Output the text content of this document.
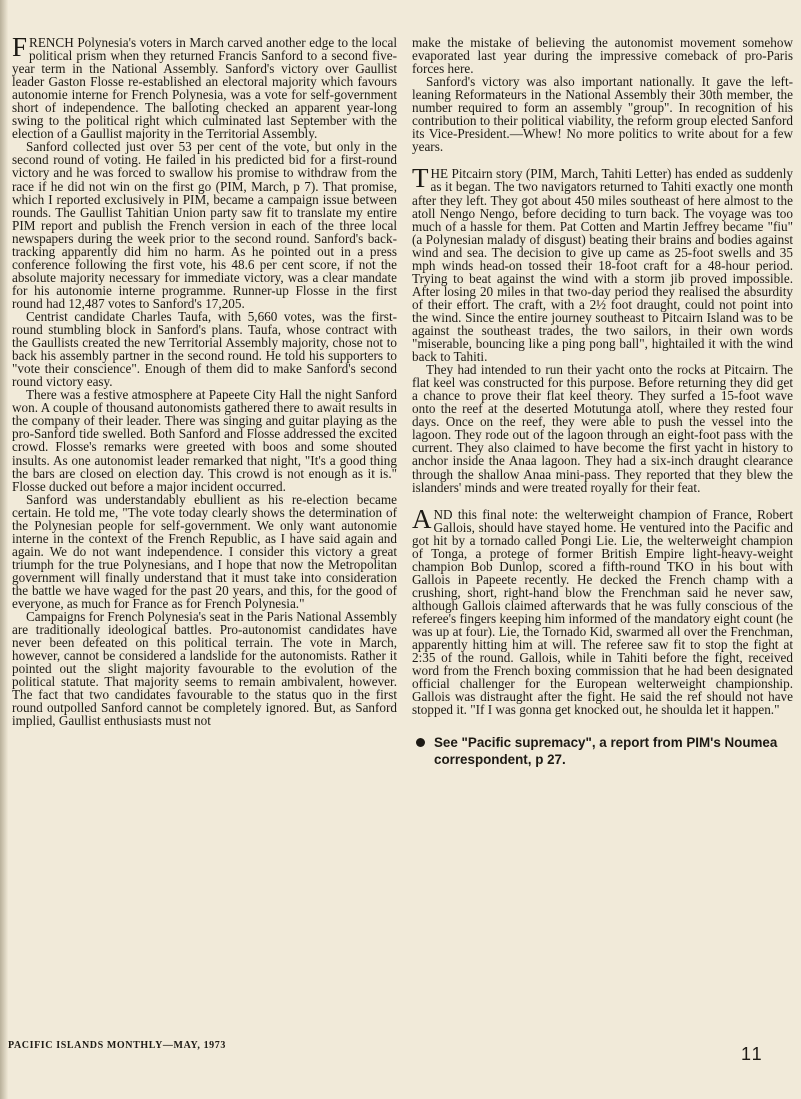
FRENCH Polynesia's voters in March carved another edge to the local political prism when they returned Francis Sanford to a second five-year term in the National Assembly. Sanford's victory over Gaullist leader Gaston Flosse re-established an electoral majority which favours autonomie interne for French Polynesia, was a vote for self-government short of independence. The balloting checked an apparent year-long swing to the political right which culminated last September with the election of a Gaullist majority in the Territorial Assembly.

Sanford collected just over 53 per cent of the vote, but only in the second round of voting. He failed in his predicted bid for a first-round victory and he was forced to swallow his promise to withdraw from the race if he did not win on the first go (PIM, March, p 7). That promise, which I reported exclusively in PIM, became a campaign issue between rounds. The Gaullist Tahitian Union party saw fit to translate my entire PIM report and publish the French version in each of the three local newspapers during the week prior to the second round. Sanford's back-tracking apparently did him no harm. As he pointed out in a press conference following the first vote, his 48.6 per cent score, if not the absolute majority necessary for immediate victory, was a clear mandate for his autonomie interne programme. Runner-up Flosse in the first round had 12,487 votes to Sanford's 17,205.

Centrist candidate Charles Taufa, with 5,660 votes, was the first-round stumbling block in Sanford's plans. Taufa, whose contract with the Gaullists created the new Territorial Assembly majority, chose not to back his assembly partner in the second round. He told his supporters to "vote their conscience". Enough of them did to make Sanford's second round victory easy.

There was a festive atmosphere at Papeete City Hall the night Sanford won. A couple of thousand autonomists gathered there to await results in the company of their leader. There was singing and guitar playing as the pro-Sanford tide swelled. Both Sanford and Flosse addressed the excited crowd. Flosse's remarks were greeted with boos and some shouted insults. As one autonomist leader remarked that night, "It's a good thing the bars are closed on election day. This crowd is not enough as it is." Flosse ducked out before a major incident occurred.

Sanford was understandably ebullient as his re-election became certain. He told me, "The vote today clearly shows the determination of the Polynesian people for self-government. We only want autonomie interne in the context of the French Republic, as I have said again and again. We do not want independence. I consider this victory a great triumph for the true Polynesians, and I hope that now the Metropolitan government will finally understand that it must take into consideration the battle we have waged for the past 20 years, and this, for the good of everyone, as much for France as for French Polynesia."

Campaigns for French Polynesia's seat in the Paris National Assembly are traditionally ideological battles. Pro-autonomist candidates have never been defeated on this political terrain. The vote in March, however, cannot be considered a landslide for the autonomists. Rather it pointed out the slight majority favourable to the evolution of the political statute. That majority seems to remain ambivalent, however. The fact that two candidates favourable to the status quo in the first round outpolled Sanford cannot be completely ignored. But, as Sanford implied, Gaullist enthusiasts must not

make the mistake of believing the autonomist movement somehow evaporated last year during the impressive comeback of pro-Paris forces here.

Sanford's victory was also important nationally. It gave the left-leaning Reformateurs in the National Assembly their 30th member, the number required to form an assembly "group". In recognition of his contribution to their political viability, the reform group elected Sanford its Vice-President.—Whew! No more politics to write about for a few years.

THE Pitcairn story (PIM, March, Tahiti Letter) has ended as suddenly as it began. The two navigators returned to Tahiti exactly one month after they left. They got about 450 miles southeast of here almost to the atoll Nengo Nengo, before deciding to turn back. The voyage was too much of a hassle for them. Pat Cotten and Martin Jeffrey became "fiu" (a Polynesian malady of disgust) beating their brains and bodies against wind and sea. The decision to give up came as 25-foot swells and 35 mph winds head-on tossed their 18-foot craft for a 48-hour period. Trying to beat against the wind with a storm jib proved impossible. After losing 20 miles in that two-day period they realised the absurdity of their effort. The craft, with a 2½ foot draught, could not point into the wind. Since the entire journey southeast to Pitcairn Island was to be against the southeast trades, the two sailors, in their own words "miserable, bouncing like a ping pong ball", hightailed it with the wind back to Tahiti.

They had intended to run their yacht onto the rocks at Pitcairn. The flat keel was constructed for this purpose. Before returning they did get a chance to prove their flat keel theory. They surfed a 15-foot wave onto the reef at the deserted Motutunga atoll, where they rested four days. Once on the reef, they were able to push the vessel into the lagoon. They rode out of the lagoon through an eight-foot pass with the current. They also claimed to have become the first yacht in history to anchor inside the Anaa lagoon. They had a six-inch draught clearance through the shallow Anaa mini-pass. They reported that they blew the islanders' minds and were treated royally for their feat.

AND this final note: the welterweight champion of France, Robert Gallois, should have stayed home. He ventured into the Pacific and got hit by a tornado called Pongi Lie. Lie, the welterweight champion of Tonga, a protege of former British Empire light-heavy-weight champion Bob Dunlop, scored a fifth-round TKO in his bout with Gallois in Papeete recently. He decked the French champ with a crushing, short, right-hand blow the Frenchman said he never saw, although Gallois claimed afterwards that he was fully conscious of the referee's fingers keeping him informed of the mandatory eight count (he was up at four). Lie, the Tornado Kid, swarmed all over the Frenchman, apparently hitting him at will. The referee saw fit to stop the fight at 2:35 of the round. Gallois, while in Tahiti before the fight, received word from the French boxing commission that he had been designated official challenger for the European welterweight championship. Gallois was distraught after the fight. He said the ref should not have stopped it. "If I was gonna get knocked out, he shoulda let it happen."

See "Pacific supremacy", a report from PIM's Noumea correspondent, p 27.
PACIFIC ISLANDS MONTHLY—MAY, 1973	11
